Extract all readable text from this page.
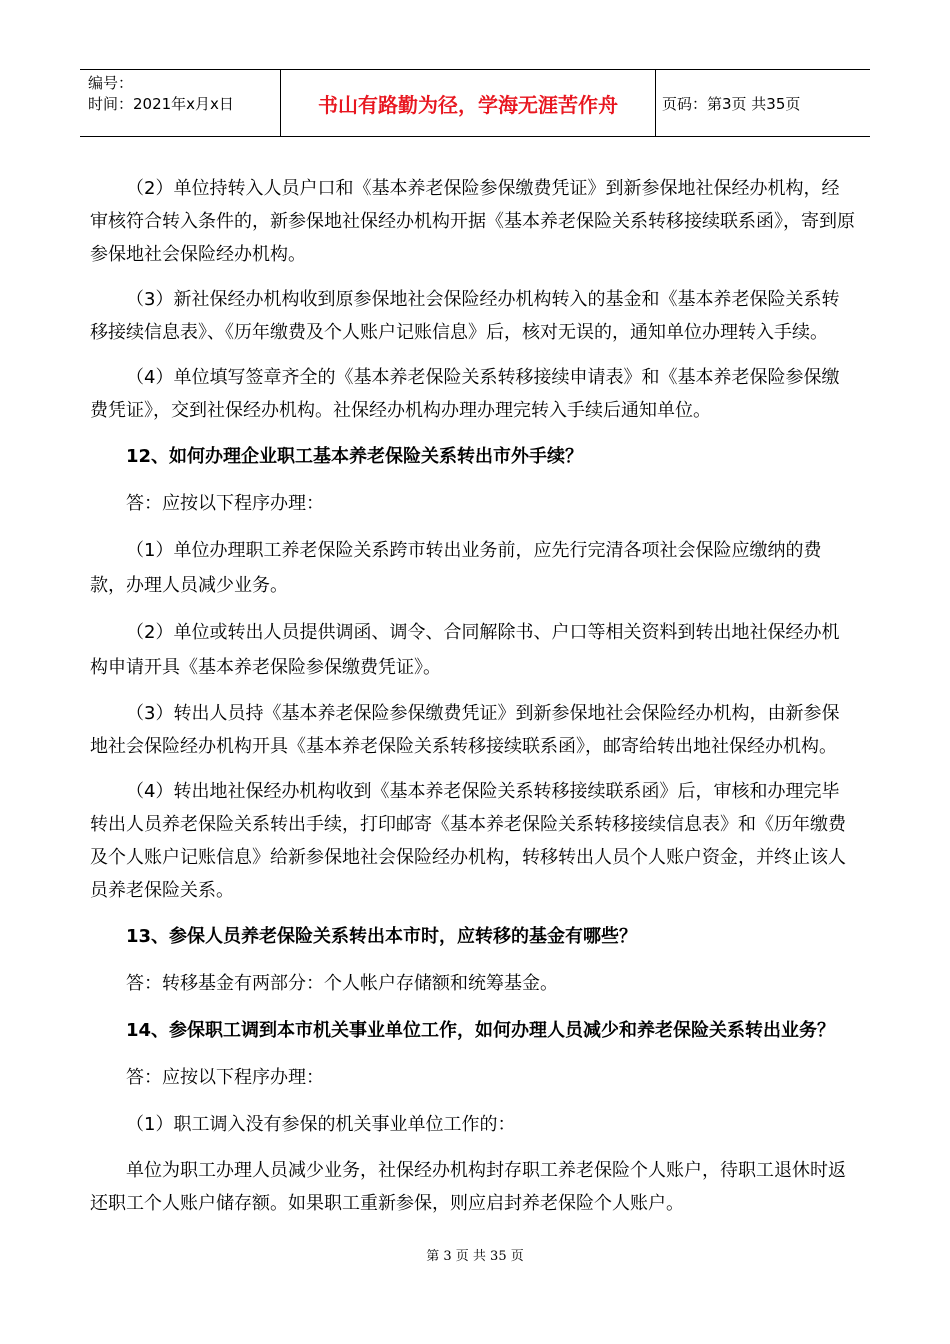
编号：
时间：2021年x月x日	书山有路勤为径，学海无涯苦作舟	页码：第3页 共35页

（2）单位持转入人员户口和《基本养老保险参保缴费凭证》到新参保地社保经办机构，经审核符合转入条件的，新参保地社保经办机构开据《基本养老保险关系转移接续联系函》，寄到原参保地社会保险经办机构。

（3）新社保经办机构收到原参保地社会保险经办机构转入的基金和《基本养老保险关系转移接续信息表》、《历年缴费及个人账户记账信息》后，核对无误的，通知单位办理转入手续。

（4）单位填写签章齐全的《基本养老保险关系转移接续申请表》和《基本养老保险参保缴费凭证》，交到社保经办机构。社保经办机构办理办理完转入手续后通知单位。

12、如何办理企业职工基本养老保险关系转出市外手续？

答：应按以下程序办理：

（1）单位办理职工养老保险关系跨市转出业务前，应先行完清各项社会保险应缴纳的费款，办理人员减少业务。

（2）单位或转出人员提供调函、调令、合同解除书、户口等相关资料到转出地社保经办机构申请开具《基本养老保险参保缴费凭证》。

（3）转出人员持《基本养老保险参保缴费凭证》到新参保地社会保险经办机构，由新参保地社会保险经办机构开具《基本养老保险关系转移接续联系函》，邮寄给转出地社保经办机构。

（4）转出地社保经办机构收到《基本养老保险关系转移接续联系函》后，审核和办理完毕转出人员养老保险关系转出手续，打印邮寄《基本养老保险关系转移接续信息表》和《历年缴费及个人账户记账信息》给新参保地社会保险经办机构，转移转出人员个人账户资金，并终止该人员养老保险关系。

13、参保人员养老保险关系转出本市时，应转移的基金有哪些？

答：转移基金有两部分：个人帐户存储额和统筹基金。

14、参保职工调到本市机关事业单位工作，如何办理人员减少和养老保险关系转出业务？

答：应按以下程序办理：

（1）职工调入没有参保的机关事业单位工作的：

单位为职工办理人员减少业务，社保经办机构封存职工养老保险个人账户，待职工退休时返还职工个人账户储存额。如果职工重新参保，则应启封养老保险个人账户。

第 3 页 共 35 页
